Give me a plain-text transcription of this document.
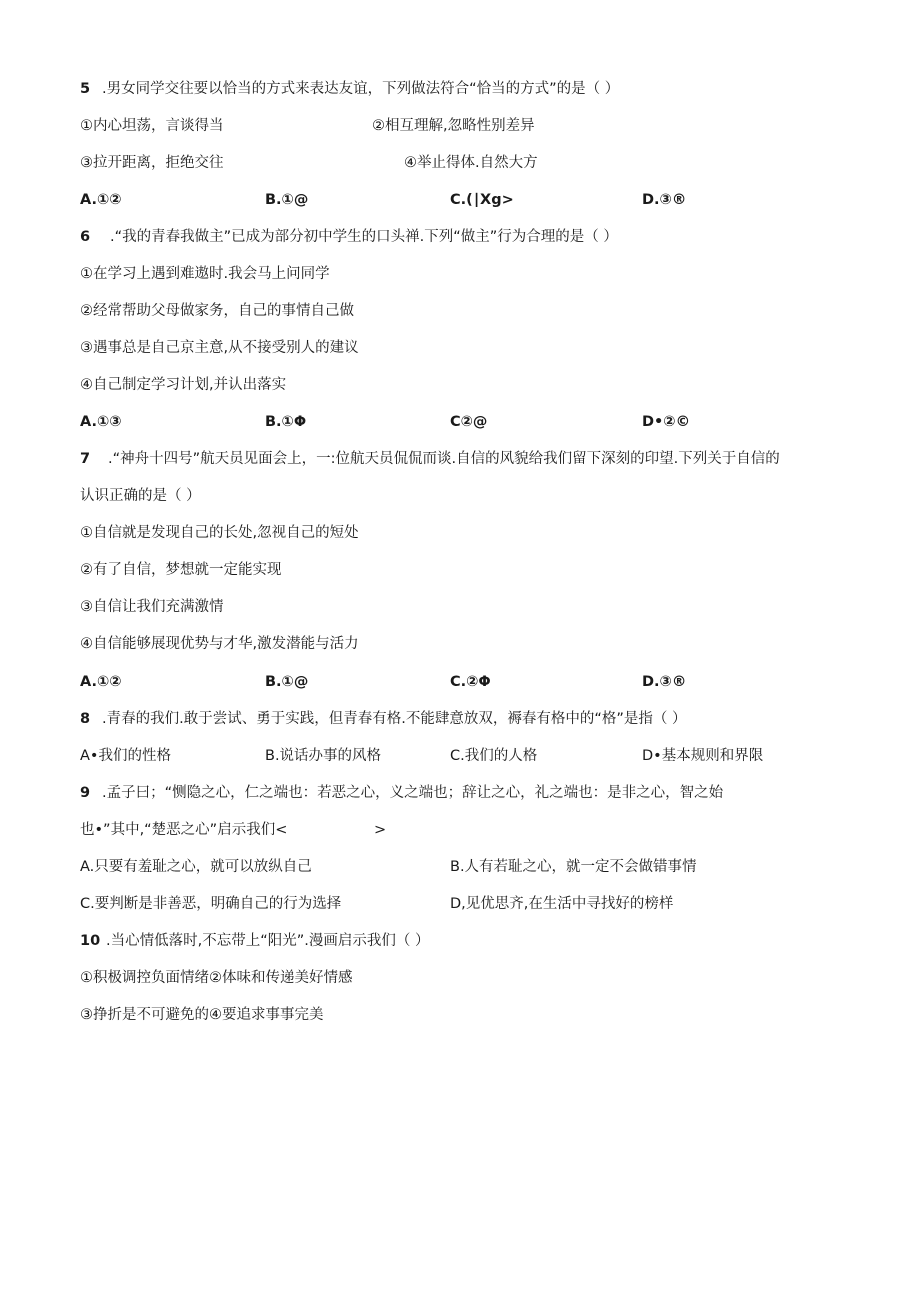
5 .男女同学交往要以恰当的方式来表达友谊，下列做法符合“恰当的方式”的是（ ）
①内心坦荡，言谈得当	②相互理解,忽略性别差异
③拉开距离，拒绝交往	④举止得体.自然大方
A.①②	B.①@	C.(∣Xg>	D.③®
6 .“我的青春我做主”已成为部分初中学生的口头禅.下列“做主”行为合理的是（ ）
①在学习上遇到难遨时.我会马上问同学
②经常帮助父母做家务，自己的事情自己做
③遇事总是自己京主意,从不接受别人的建议
④自己制定学习计划,并认出落实
A.①③	B.①Φ	C②@	D•②©
7 .“神舟十四号”航天员见面会上，一:位航天员侃侃而谈.自信的风貌给我们留下深刻的印望.下列关于自信的
认识正确的是（ ）
①自信就是发现自己的长处,忽视自己的短处
②有了自信，梦想就一定能实现
③自信让我们充满激情
④自信能够展现优势与才华,激发潜能与活力
A.①②	B.①@	C.②Φ	D.③®
8 .青春的我们.敢于尝试、勇于实践，但青春有格.不能肆意放双，褥春有格中的“格”是指（ ）
A•我们的性格	B.说话办事的风格	C.我们的人格	D•基本规则和界限
9 .孟子曰；“恻隐之心，仁之端也：若恶之心，义之端也；辞让之心，礼之端也：是非之心，智之始
也•”其中,“楚恶之心”启示我们<	>
A.只要有羞耻之心，就可以放纵自己	B.人有若耻之心，就一定不会做错事情
C.要判断是非善恶，明确自己的行为选择	D,见优思齐,在生活中寻找好的榜样
10 .当心情低落时,不忘带上“阳光”.漫画启示我们（ ）
①积极调控负面情绪②体味和传递美好情感
③挣折是不可避免的④要追求事事完美
